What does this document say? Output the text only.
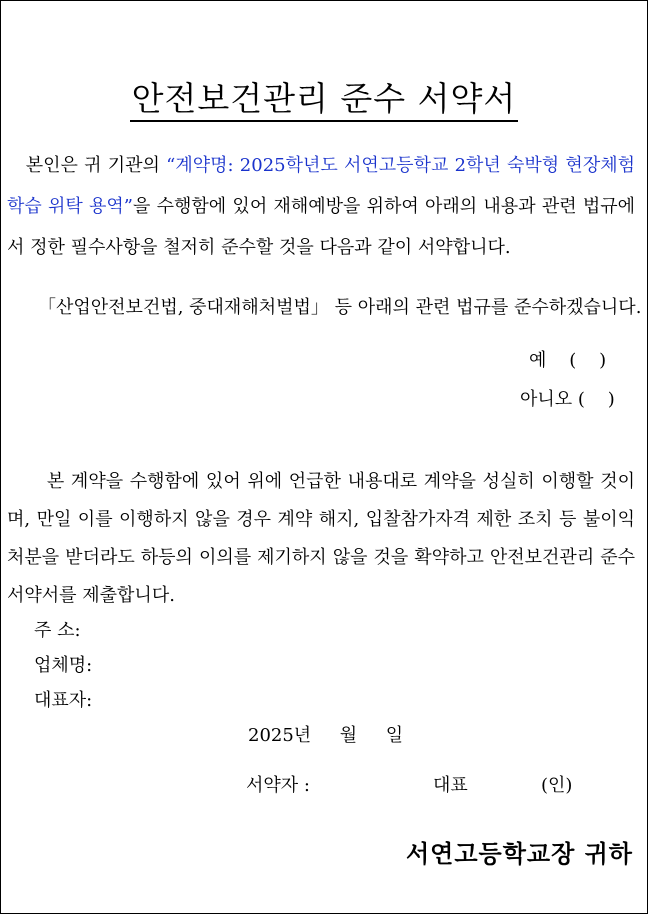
안전보건관리 준수 서약서
본인은 귀 기관의 “계약명: 2025학년도 서연고등학교 2학년 숙박형 현장체험학습 위탁 용역”을 수행함에 있어 재해예방을 위하여 아래의 내용과 관련 법규에서 정한 필수사항을 철저히 준수할 것을 다음과 같이 서약합니다.
「산업안전보건법, 중대재해처벌법」 등 아래의 관련 법규를 준수하겠습니다.
예    (    )
아니오 (    )
본 계약을 수행함에 있어 위에 언급한 내용대로 계약을 성실히 이행할 것이며, 만일 이를 이행하지 않을 경우 계약 해지, 입찰참가자격 제한 조치 등 불이익 처분을 받더라도 하등의 이의를 제기하지 않을 것을 확약하고 안전보건관리 준수 서약서를 제출합니다.
주 소:
업체명:
대표자:
2025년     월     일
서약자 :	대표	(인)
서연고등학교장 귀하
